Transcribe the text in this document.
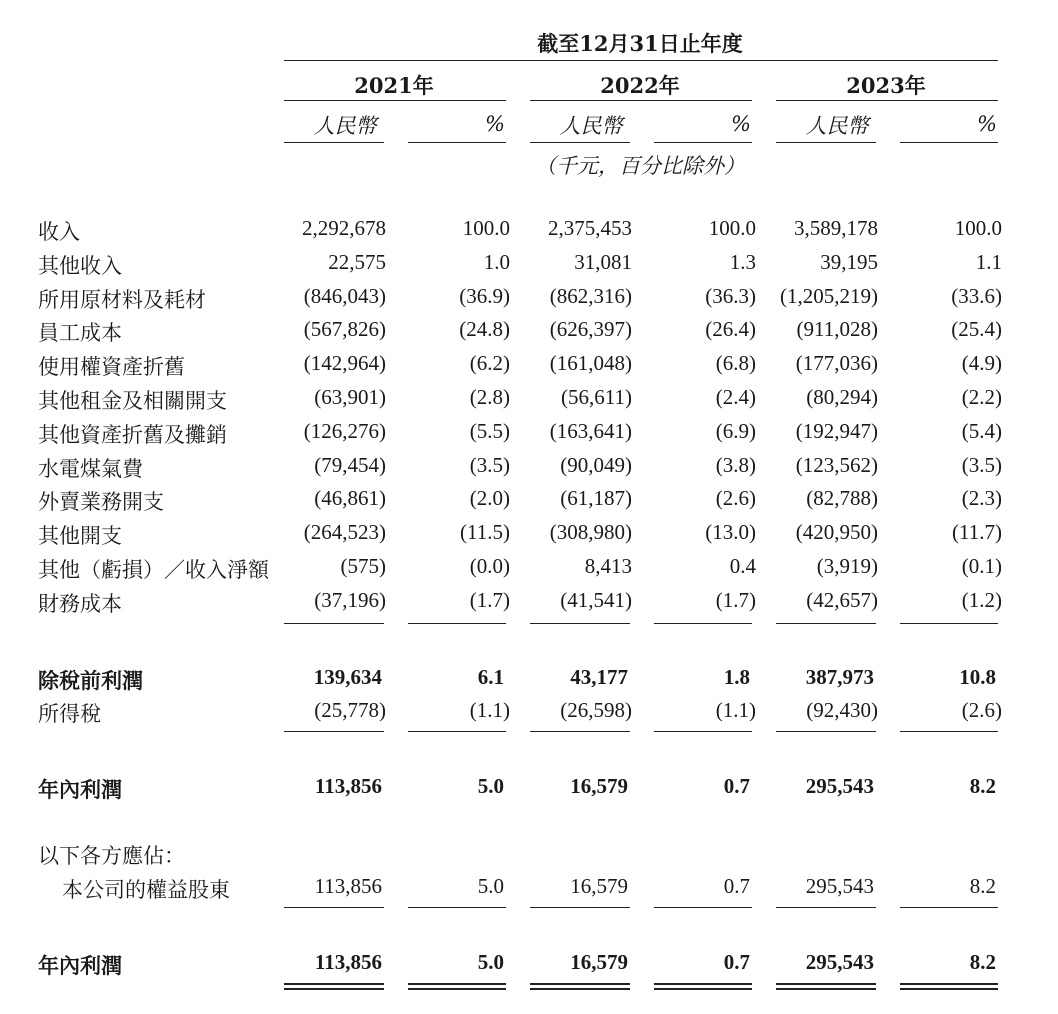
截至12月31日止年度
2021年	2022年	2023年
人民幣	%	人民幣	%	人民幣	%
（千元，百分比除外）
收入	2,292,678	100.0	2,375,453	100.0	3,589,178	100.0
其他收入	22,575	1.0	31,081	1.3	39,195	1.1
所用原材料及耗材	(846,043)	(36.9)	(862,316)	(36.3)	(1,205,219)	(33.6)
員工成本	(567,826)	(24.8)	(626,397)	(26.4)	(911,028)	(25.4)
使用權資產折舊	(142,964)	(6.2)	(161,048)	(6.8)	(177,036)	(4.9)
其他租金及相關開支	(63,901)	(2.8)	(56,611)	(2.4)	(80,294)	(2.2)
其他資產折舊及攤銷	(126,276)	(5.5)	(163,641)	(6.9)	(192,947)	(5.4)
水電煤氣費	(79,454)	(3.5)	(90,049)	(3.8)	(123,562)	(3.5)
外賣業務開支	(46,861)	(2.0)	(61,187)	(2.6)	(82,788)	(2.3)
其他開支	(264,523)	(11.5)	(308,980)	(13.0)	(420,950)	(11.7)
其他（虧損）／收入淨額	(575)	(0.0)	8,413	0.4	(3,919)	(0.1)
財務成本	(37,196)	(1.7)	(41,541)	(1.7)	(42,657)	(1.2)
除稅前利潤	139,634	6.1	43,177	1.8	387,973	10.8
所得稅	(25,778)	(1.1)	(26,598)	(1.1)	(92,430)	(2.6)
年內利潤	113,856	5.0	16,579	0.7	295,543	8.2
以下各方應佔：
本公司的權益股東	113,856	5.0	16,579	0.7	295,543	8.2
年內利潤	113,856	5.0	16,579	0.7	295,543	8.2
